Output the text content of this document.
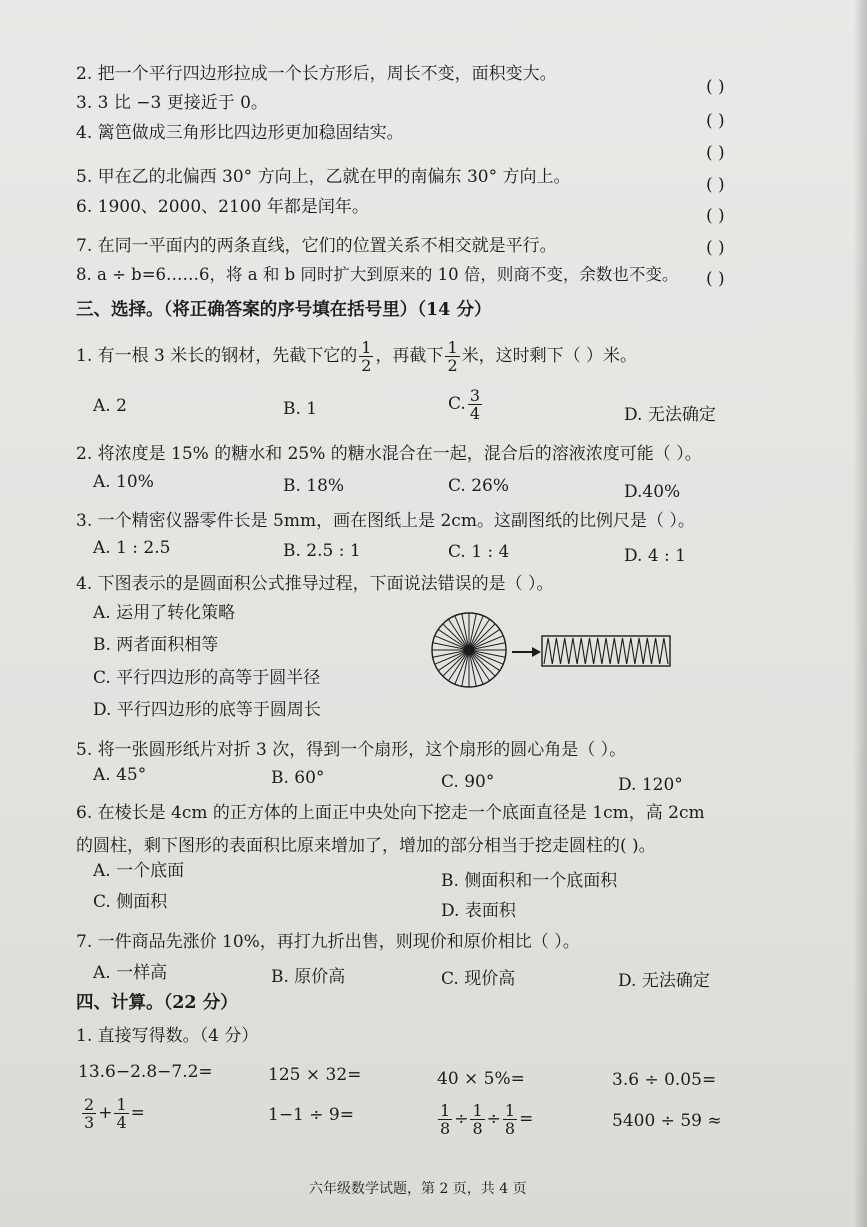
2. 把一个平行四边形拉成一个长方形后，周长不变，面积变大。
( )
3. 3 比 −3 更接近于 0。
( )
4. 篱笆做成三角形比四边形更加稳固结实。
( )
5. 甲在乙的北偏西 30° 方向上，乙就在甲的南偏东 30° 方向上。	( )
6. 1900、2000、2100 年都是闰年。	( )
7. 在同一平面内的两条直线，它们的位置关系不相交就是平行。	( )
8. a ÷ b=6……6，将 a 和 b 同时扩大到原来的 10 倍，则商不变，余数也不变。 ( )
三、选择。（将正确答案的序号填在括号里）（14 分）
1. 有一根 3 米长的钢材，先截下它的 $\frac{1}{2}$ ，再截下 $\frac{1}{2}$ 米，这时剩下（ ）米。
A. 2	B. 1	C. $\frac{3}{4}$	D. 无法确定
2. 将浓度是 15% 的糖水和 25% 的糖水混合在一起，混合后的溶液浓度可能（ ）。
A. 10%	B. 18%	C. 26%	D.40%
3. 一个精密仪器零件长是 5mm，画在图纸上是 2cm。这副图纸的比例尺是（ ）。
A. 1 : 2.5	B. 2.5 : 1	C. 1 : 4	D. 4 : 1
4. 下图表示的是圆面积公式推导过程，下面说法错误的是（ ）。
A. 运用了转化策略
B. 两者面积相等
C. 平行四边形的高等于圆半径
D. 平行四边形的底等于圆周长
5. 将一张圆形纸片对折 3 次，得到一个扇形，这个扇形的圆心角是（ ）。
A. 45°	B. 60°	C. 90°	D. 120°
6. 在棱长是 4cm 的正方体的上面正中央处向下挖走一个底面直径是 1cm，高 2cm
的圆柱，剩下图形的表面积比原来增加了，增加的部分相当于挖走圆柱的( )。
A. 一个底面	B. 侧面积和一个底面积
C. 侧面积	D. 表面积
7. 一件商品先涨价 10%，再打九折出售，则现价和原价相比（ ）。
A. 一样高	B. 原价高	C. 现价高	D. 无法确定
四、计算。（22 分）
1. 直接写得数。（4 分）
13.6−2.8−7.2=	125 × 32=	40 × 5%=	3.6 ÷ 0.05=
$\frac{2}{3} + \frac{1}{4}$ =	1−1 ÷ 9=	$\frac{1}{8} \div \frac{1}{8} \div \frac{1}{8}$ =	5400 ÷ 59 ≈
六年级数学试题，第 2 页，共 4 页
